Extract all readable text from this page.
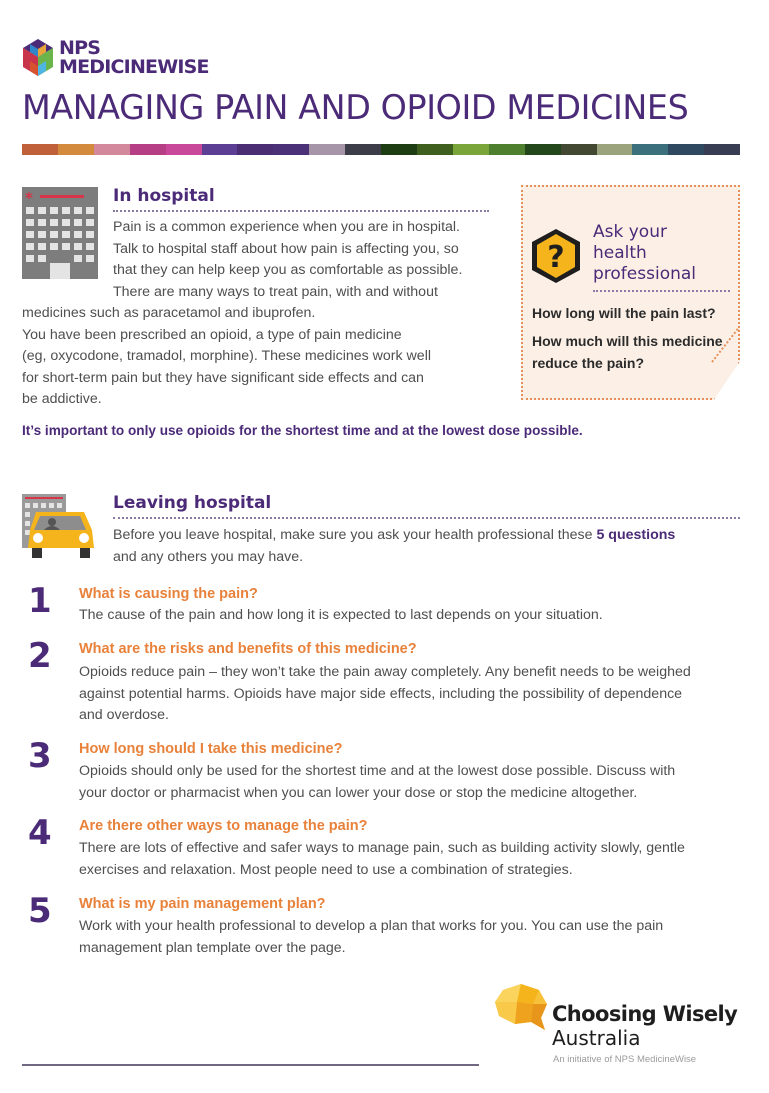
NPS
MEDICINEWISE
MANAGING PAIN AND OPIOID MEDICINES
*	In hospital

Pain is a common experience when you are in hospital.

Talk to hospital staff about how pain is affecting you, so

that they can help keep you as comfortable as possible.

There are many ways to treat pain, with and without

medicines such as paracetamol and ibuprofen.

You have been prescribed an opioid, a type of pain medicine

(eg, oxycodone, tramadol, morphine). These medicines work well

for short-term pain but they have significant side effects and can

be addictive.

It’s important to only use opioids for the shortest time and at the lowest dose possible.

?
Ask your
health
professional

How long will the pain last?

How much will this medicine

reduce the pain?

Leaving hospital

Before you leave hospital, make sure you ask your health professional these 5 questions

and any others you may have.

1 What is causing the pain?

The cause of the pain and how long it is expected to last depends on your situation.

2 What are the risks and benefits of this medicine?

Opioids reduce pain – they won’t take the pain away completely. Any benefit needs to be weighed

against potential harms. Opioids have major side effects, including the possibility of dependence

and overdose.

3 How long should I take this medicine?

Opioids should only be used for the shortest time and at the lowest dose possible. Discuss with

your doctor or pharmacist when you can lower your dose or stop the medicine altogether.

4 Are there other ways to manage the pain?

There are lots of effective and safer ways to manage pain, such as building activity slowly, gentle

exercises and relaxation. Most people need to use a combination of strategies.

5 What is my pain management plan?

Work with your health professional to develop a plan that works for you. You can use the pain

management plan template over the page.

Choosing Wisely
Australia
An initiative of NPS MedicineWise
